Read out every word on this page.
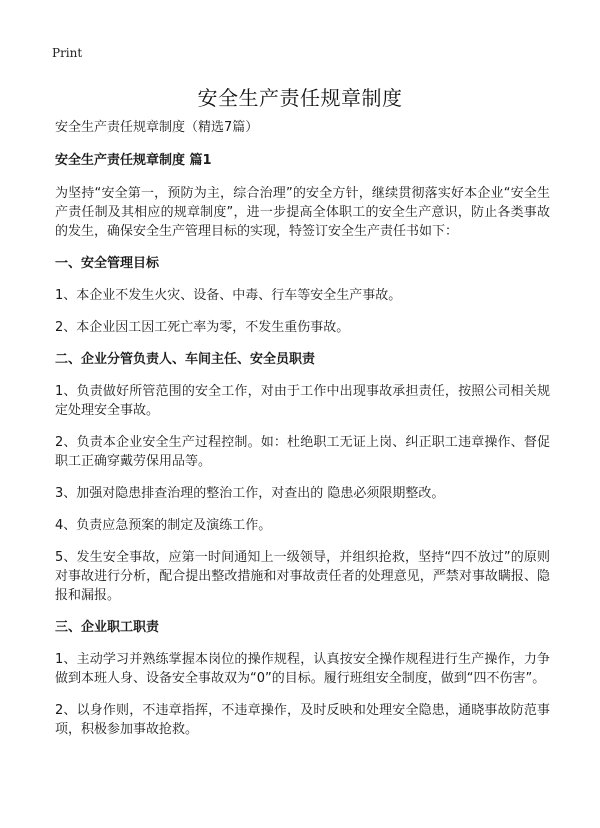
Print
安全生产责任规章制度

安全生产责任规章制度（精选7篇）

安全生产责任规章制度 篇1

为坚持“安全第一，预防为主，综合治理”的安全方针，继续贯彻落实好本企业“安全生产责任制及其相应的规章制度”，进一步提高全体职工的安全生产意识，防止各类事故的发生，确保安全生产管理目标的实现，特签订安全生产责任书如下：

一、安全管理目标

1、本企业不发生火灾、设备、中毒、行车等安全生产事故。

2、本企业因工因工死亡率为零，不发生重伤事故。

二、企业分管负责人、车间主任、安全员职责

1、负责做好所管范围的安全工作，对由于工作中出现事故承担责任，按照公司相关规定处理安全事故。

2、负责本企业安全生产过程控制。如：杜绝职工无证上岗、纠正职工违章操作、督促职工正确穿戴劳保用品等。

3、加强对隐患排查治理的整治工作，对查出的 隐患必须限期整改。

4、负责应急预案的制定及演练工作。

5、发生安全事故，应第一时间通知上一级领导，并组织抢救，坚持“四不放过”的原则对事故进行分析，配合提出整改措施和对事故责任者的处理意见，严禁对事故瞒报、隐报和漏报。

三、企业职工职责

1、主动学习并熟练掌握本岗位的操作规程，认真按安全操作规程进行生产操作，力争做到本班人身、设备安全事故双为“0”的目标。履行班组安全制度，做到“四不伤害”。

2、以身作则，不违章指挥，不违章操作，及时反映和处理安全隐患，通晓事故防范事项，积极参加事故抢救。
